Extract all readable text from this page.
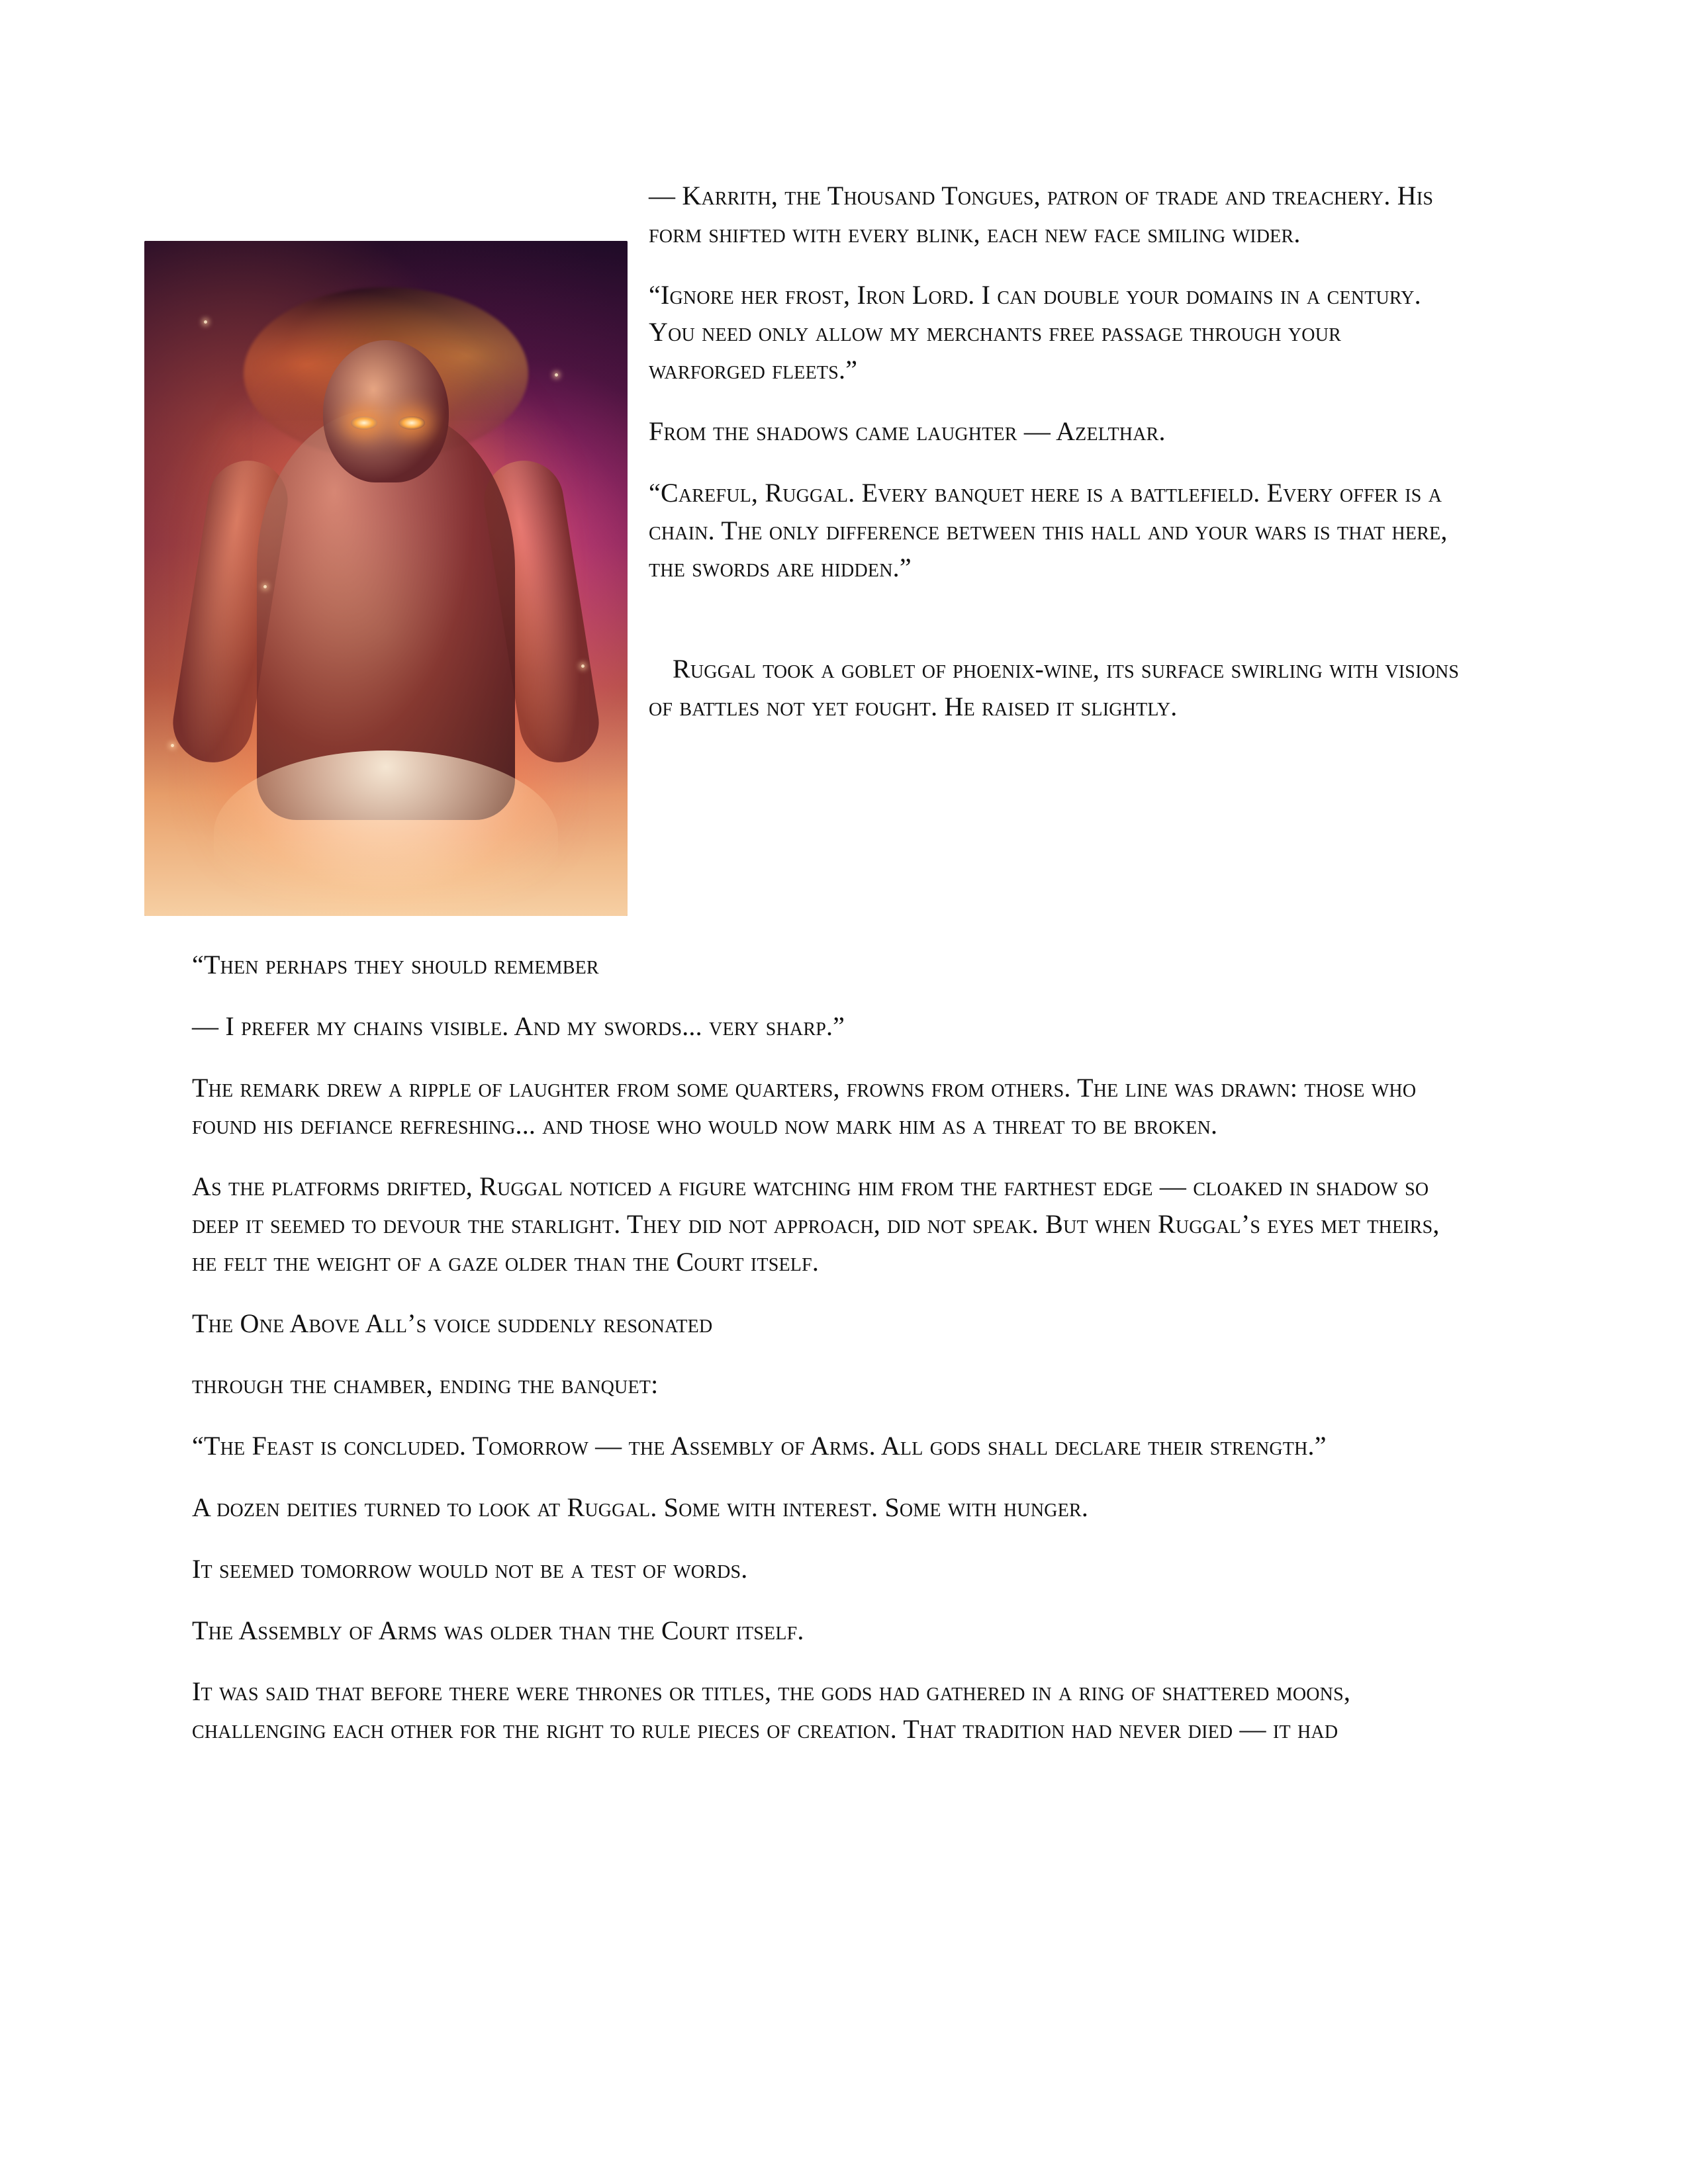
— Karrith, the Thousand Tongues, patron of trade and treachery. His form shifted with every blink, each new face smiling wider.

“Ignore her frost, Iron Lord. I can double your domains in a century. You need only allow my merchants free passage through your warforged fleets.”

From the shadows came laughter — Azelthar.

“Careful, Ruggal. Every banquet here is a battlefield. Every offer is a chain. The only difference between this hall and your wars is that here, the swords are hidden.”

Ruggal took a goblet of phoenix-wine, its surface swirling with visions of battles not yet fought. He raised it slightly.

“Then perhaps they should remember

— I prefer my chains visible. And my swords... very sharp.”

The remark drew a ripple of laughter from some quarters, frowns from others. The line was drawn: those who found his defiance refreshing... and those who would now mark him as a threat to be broken.

As the platforms drifted, Ruggal noticed a figure watching him from the farthest edge — cloaked in shadow so deep it seemed to devour the starlight. They did not approach, did not speak. But when Ruggal’s eyes met theirs, he felt the weight of a gaze older than the Court itself.

The One Above All’s voice suddenly resonated

through the chamber, ending the banquet:

“The Feast is concluded. Tomorrow — the Assembly of Arms. All gods shall declare their strength.”

A dozen deities turned to look at Ruggal. Some with interest. Some with hunger.

It seemed tomorrow would not be a test of words.

The Assembly of Arms was older than the Court itself.

It was said that before there were thrones or titles, the gods had gathered in a ring of shattered moons, challenging each other for the right to rule pieces of creation. That tradition had never died — it had
